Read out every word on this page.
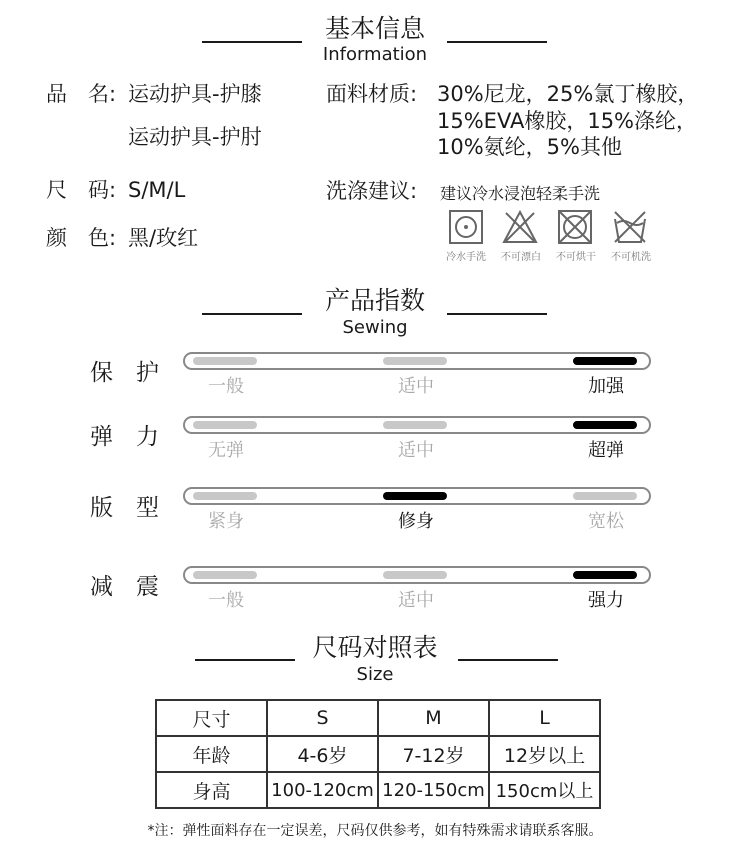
基本信息
Information
品　名: 运动护具-护膝
运动护具-护肘
尺　码: S/M/L
颜　色: 黑/玫红
面料材质: 30%尼龙，25%氯丁橡胶，
15%EVA橡胶，15%涤纶，
10%氨纶，5%其他
洗涤建议: 建议冷水浸泡轻柔手洗
冷水手洗	不可漂白	不可烘干	不可机洗
产品指数
Sewing
保　护
一般	适中	加强
弹　力
无弹	适中	超弹
版　型
紧身	修身	宽松
减　震
一般	适中	强力
尺码对照表
Size
尺寸	S	M	L
年龄	4-6岁	7-12岁	12岁以上
身高	100-120cm	120-150cm	150cm以上
*注：弹性面料存在一定误差，尺码仅供参考，如有特殊需求请联系客服。
